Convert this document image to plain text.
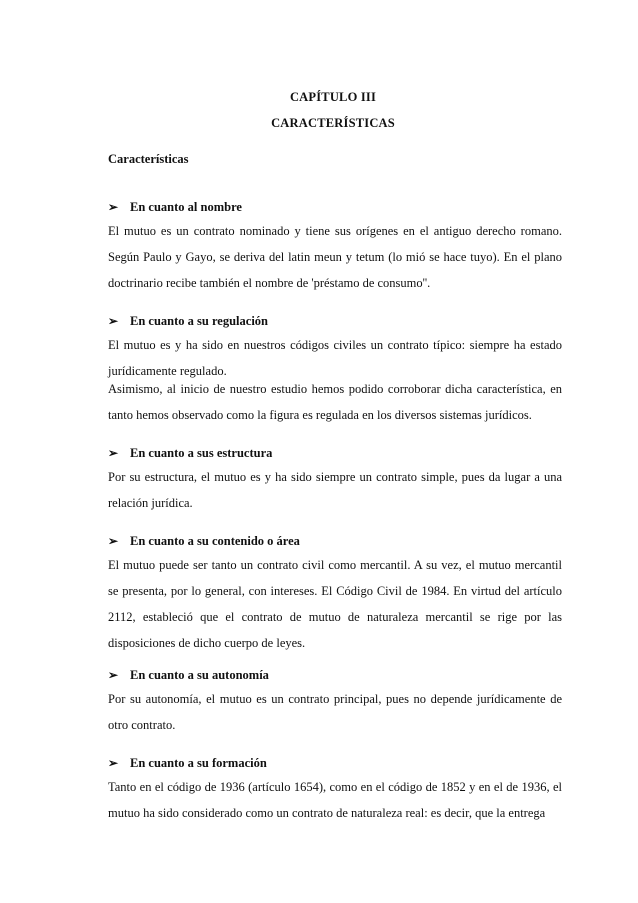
CAPÍTULO III
CARACTERÍSTICAS
Características
➢ En cuanto al nombre
El mutuo es un contrato nominado y tiene sus orígenes en el antiguo derecho romano. Según Paulo y Gayo, se deriva del latin meun y tetum (lo mió se hace tuyo). En el plano doctrinario recibe también el nombre de 'préstamo de consumo''.
➢ En cuanto a su regulación
El mutuo es y ha sido en nuestros códigos civiles un contrato típico: siempre ha estado jurídicamente regulado.
Asimismo, al inicio de nuestro estudio hemos podido corroborar dicha característica, en tanto hemos observado como la figura es regulada en los diversos sistemas jurídicos.
➢ En cuanto a sus estructura
Por su estructura, el mutuo es y ha sido siempre un contrato simple, pues da lugar a una relación jurídica.
➢ En cuanto a su contenido o área
El mutuo puede ser tanto un contrato civil como mercantil. A su vez, el mutuo mercantil se presenta, por lo general, con intereses. El Código Civil de 1984. En virtud del artículo 2112, estableció que el contrato de mutuo de naturaleza mercantil se rige por las disposiciones de dicho cuerpo de leyes.
➢ En cuanto a su autonomía
Por su autonomía, el mutuo es un contrato principal, pues no depende jurídicamente de otro contrato.
➢ En cuanto a su formación
Tanto en el código de 1936 (artículo 1654), como en el código de 1852 y en el de 1936, el mutuo ha sido considerado como un contrato de naturaleza real: es decir, que la entrega
